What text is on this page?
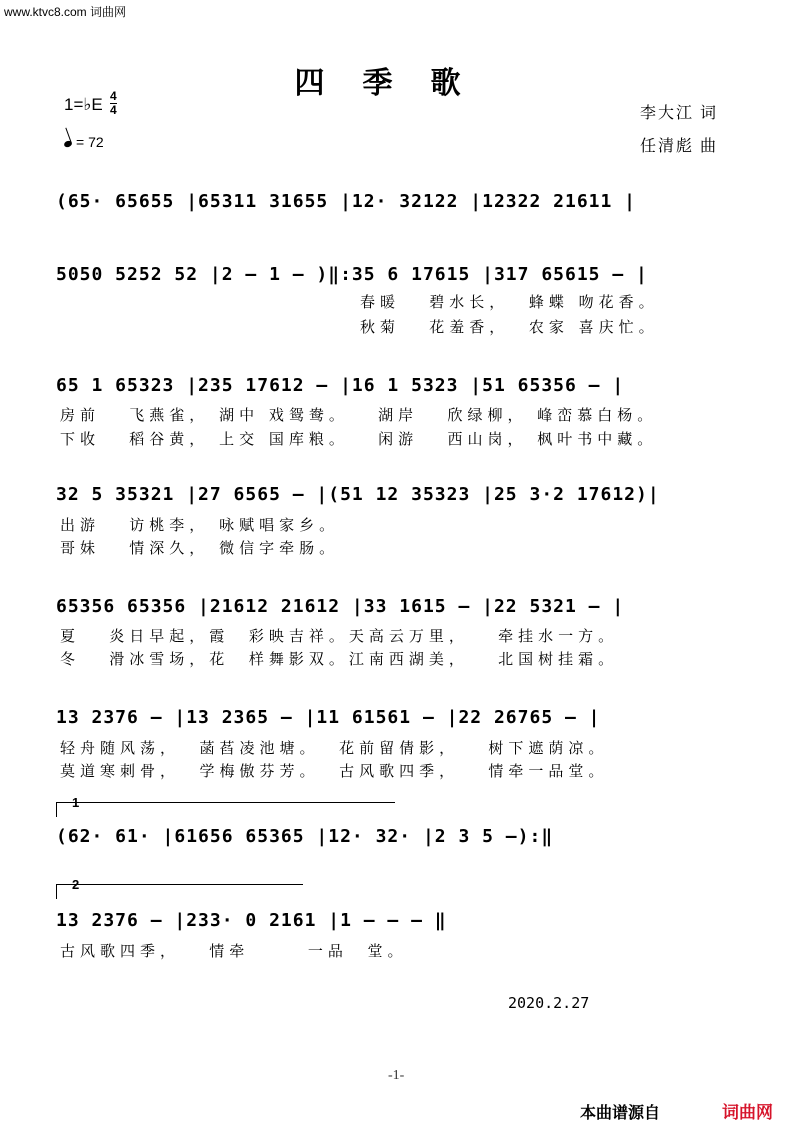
www.ktvc8.com 词曲网
四季歌
1=♭E 4
4
= 72
李大江 词
任清彪 曲
(65· 65655 |65311 31655 |12· 32122 |12322 21611 |
5050 5252 52 |2 – 1 – )‖:35 6 17615 |317 65615 – |
春暖   碧水长，  蜂蝶 吻花香。
秋菊   花羞香，  农家 喜庆忙。
65 1 65323 |235 17612 – |16 1 5323 |51 65356 – |
房前   飞燕雀， 湖中 戏鸳鸯。   湖岸   欣绿柳， 峰峦慕白杨。
下收   稻谷黄， 上交 国库粮。   闲游   西山岗， 枫叶书中藏。
32 5 35321 |27 6565 – |(51 12 35323 |25 3·2 17612)|
出游   访桃李， 咏赋唱家乡。
哥妹   情深久， 微信字牵肠。
65356 65356 |21612 21612 |33 1615 – |22 5321 – |
夏   炎日早起，霞  彩映吉祥。天高云万里，   牵挂水一方。
冬   滑冰雪场，花  样舞影双。江南西湖美，   北国树挂霜。
13 2376 – |13 2365 – |11 61561 – |22 26765 – |
轻舟随风荡，  菡萏凌池塘。  花前留倩影，   树下遮荫凉。
莫道寒刺骨，  学梅傲芬芳。  古风歌四季，   情牵一品堂。
1
(62· 61· |61656 65365 |12· 32· |2 3 5 –):‖
2
13 2376 – |233· 0 2161 |1 – – – ‖
古风歌四季，   情牵      一品  堂。
2020.2.27
-1-
本曲谱源自	词曲网
